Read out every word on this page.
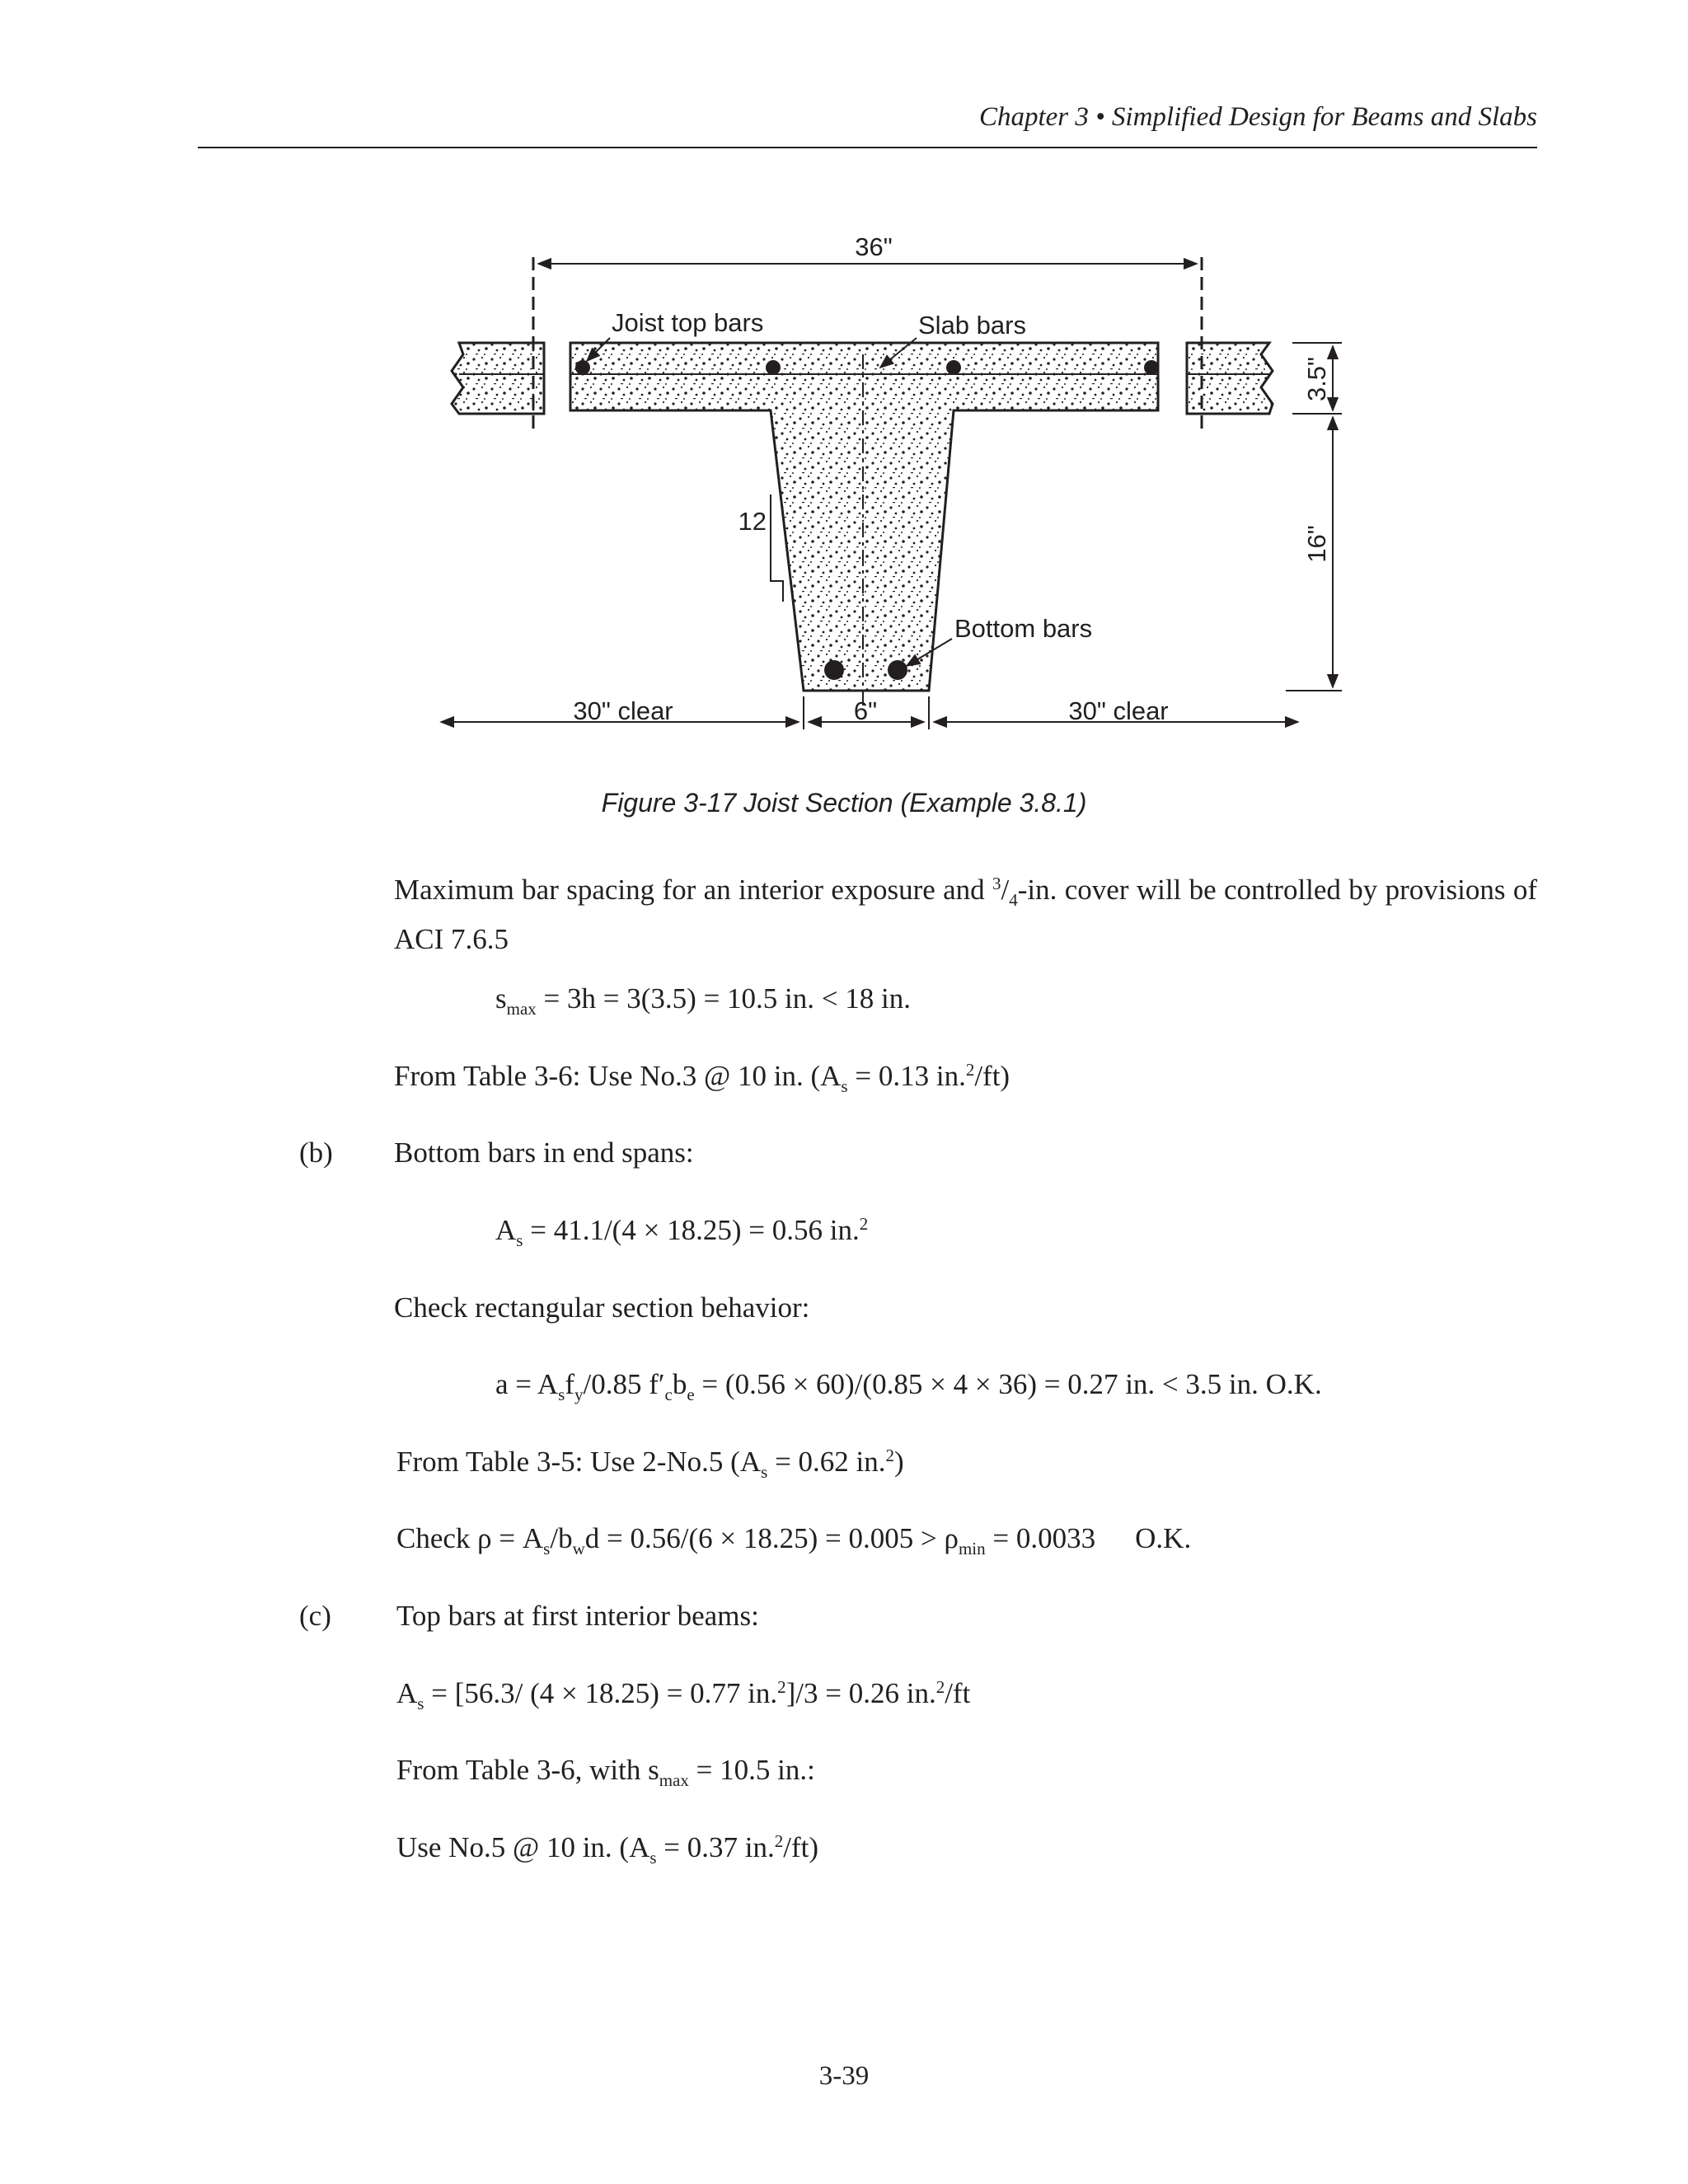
Chapter 3 • Simplified Design for Beams and Slabs
36"
Joist top bars	Slab bars
Bottom bars
12
3.5"
16"
30" clear	6"	30" clear
Figure 3-17 Joist Section (Example 3.8.1)
Maximum bar spacing for an interior exposure and $^3/_4-in$. cover will be controlled by provisions of ACI 7.6.5
$s_{max} = 3h = 3(3.5) = 10.5$ in. < 18 in.
From Table 3-6: Use No.3 @ 10 in. ($A_s = 0.13$ in.$^2$/ft)
(b) Bottom bars in end spans:
$A_s = 41.1/(4 \times 18.25) = 0.56$ in.$^2$
Check rectangular section behavior:
$a = A_sf_y/0.85$ $f'_cb_e = (0.56 \times 60)/(0.85 \times 4 \times 36) = 0.27$ in. < 3.5 in. O.K.
From Table 3-5: Use 2-No.5 ($A_s = 0.62$ in.$^2$)
Check $\rho = A_s/b_wd = 0.56/(6 \times 18.25) = 0.005 > \rho_{min} = 0.0033$ O.K.
(c) Top bars at first interior beams:
$A_s = [56.3/$ (4 × 18.25) = 0.77 in.$^2$]/3 = 0.26 in.$^2$/ft
From Table 3-6, with $s_{max} = 10.5$ in.:
Use No.5 @ 10 in. ($A_s = 0.37$ in.$^2$/ft)
3-39
